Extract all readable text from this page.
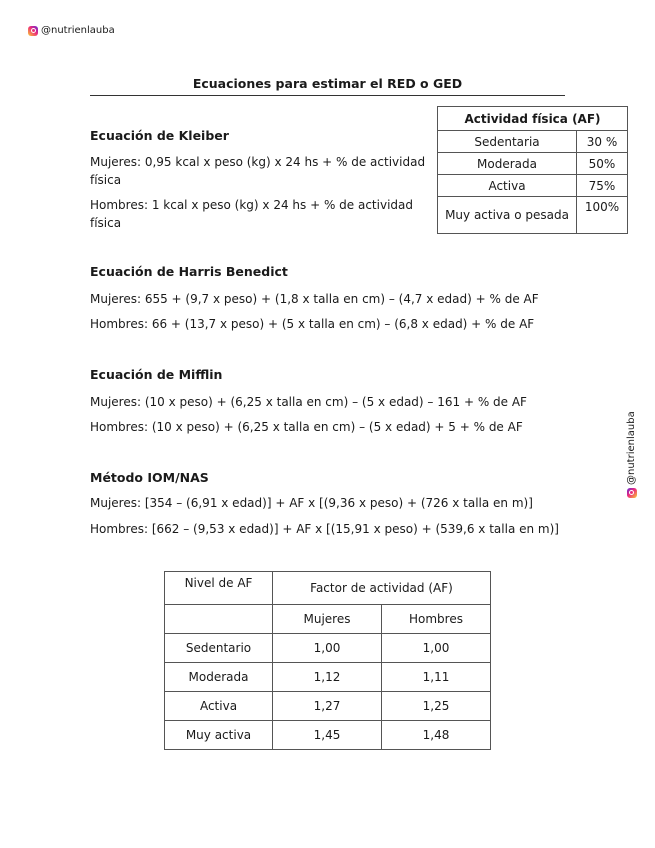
@nutrienlauba
@nutrienlauba
Ecuaciones para estimar el RED o GED
Ecuación de Kleiber
Mujeres: 0,95 kcal x peso (kg) x 24 hs + % de actividad física
Hombres: 1 kcal x peso (kg) x 24 hs + % de actividad física
Actividad física (AF)	
Sedentaria	30 %
Moderada	50%
Activa	75%
Muy activa o pesada	100%
Ecuación de Harris Benedict
Mujeres: 655 + (9,7 x peso) + (1,8 x talla en cm) – (4,7 x edad) + % de AF
Hombres: 66 + (13,7 x peso) + (5 x talla en cm) – (6,8 x edad) + % de AF
Ecuación de Mifflin
Mujeres: (10 x peso) + (6,25 x talla en cm) – (5 x edad) – 161 + % de AF
Hombres: (10 x peso) + (6,25 x talla en cm) – (5 x edad) + 5 + % de AF
Método IOM/NAS
Mujeres: [354 – (6,91 x edad)] + AF x [(9,36 x peso) + (726 x talla en m)]
Hombres: [662 – (9,53 x edad)] + AF x [(15,91 x peso) + (539,6 x talla en m)]
Nivel de AF	Factor de actividad (AF)	
	Mujeres	Hombres
Sedentario	1,00	1,00
Moderada	1,12	1,11
Activa	1,27	1,25
Muy activa	1,45	1,48
